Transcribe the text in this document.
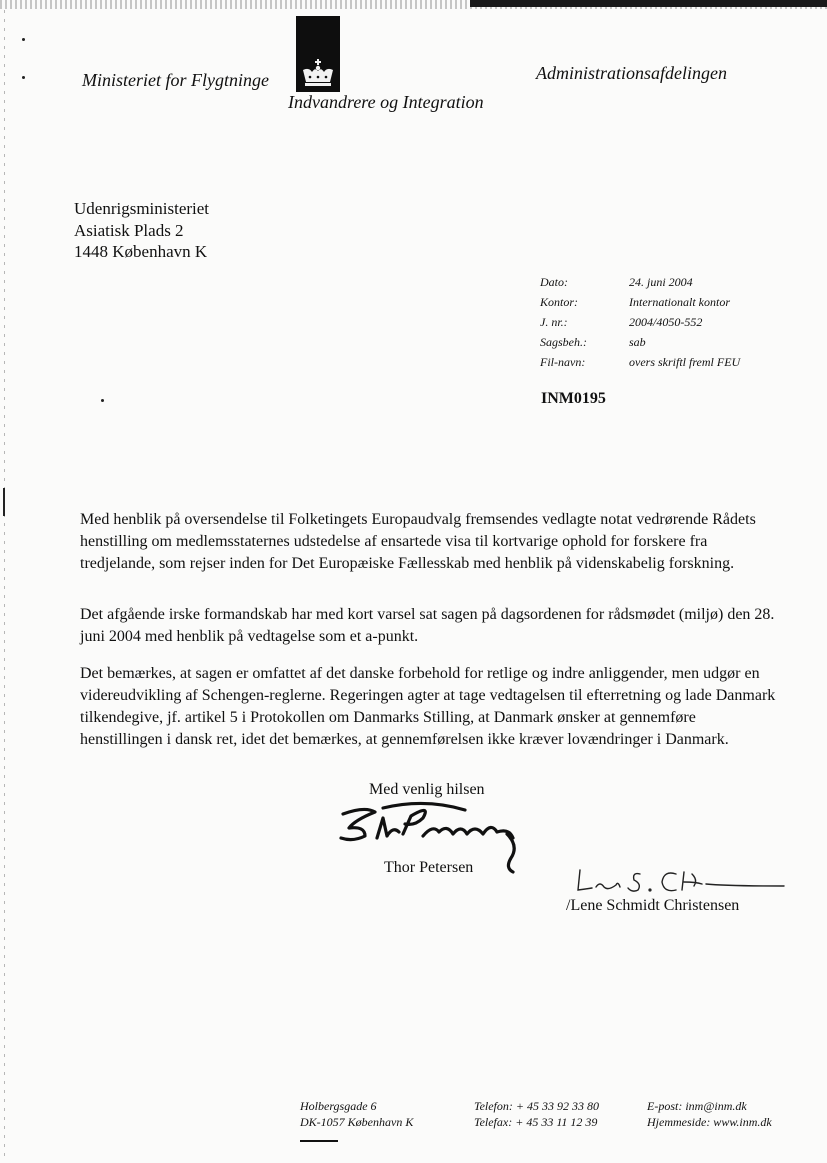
Ministeriet for Flygtninge
Indvandrere og Integration
Administrationsafdelingen
Udenrigsministeriet
Asiatisk Plads 2
1448 København K
Dato:	24. juni 2004
Kontor:	Internationalt kontor
J. nr.:	2004/4050-552
Sagsbeh.:	sab
Fil-navn:	overs skriftl freml FEU
INM0195

Med henblik på oversendelse til Folketingets Europaudvalg fremsendes vedlagte notat vedrørende Rådets henstilling om medlemsstaternes udstedelse af ensartede visa til kortvarige ophold for forskere fra tredjelande, som rejser inden for Det Europæiske Fællesskab med henblik på videnskabelig forskning.

Det afgående irske formandskab har med kort varsel sat sagen på dagsordenen for rådsmødet (miljø) den 28. juni 2004 med henblik på vedtagelse som et a-punkt.

Det bemærkes, at sagen er omfattet af det danske forbehold for retlige og indre anliggender, men udgør en videreudvikling af Schengen-reglerne. Regeringen agter at tage vedtagelsen til efterretning og lade Danmark tilkendegive, jf. artikel 5 i Protokollen om Danmarks Stilling, at Danmark ønsker at gennemføre henstillingen i dansk ret, idet det bemærkes, at gennemførelsen ikke kræver lovændringer i Danmark.

Med venlig hilsen
Thor Petersen
/Lene Schmidt Christensen
Holbergsgade 6
DK-1057 København K
Telefon: + 45 33 92 33 80
Telefax: + 45 33 11 12 39
E-post: inm@inm.dk
Hjemmeside: www.inm.dk
